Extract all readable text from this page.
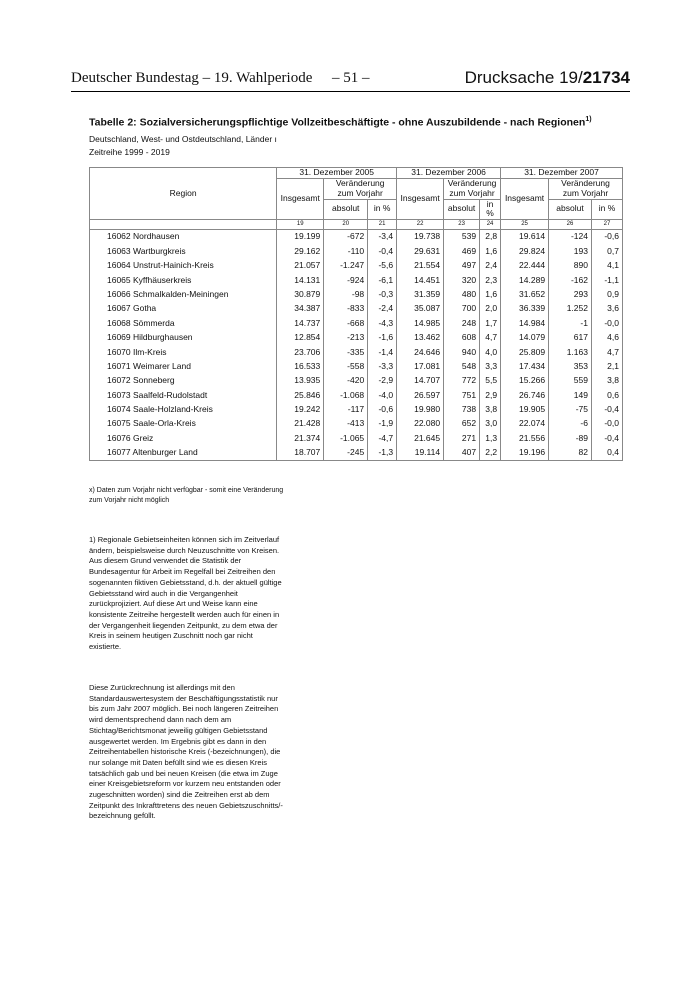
Deutscher Bundestag – 19. Wahlperiode – 51 –	Drucksache 19/21734
Tabelle 2: Sozialversicherungspflichtige Vollzeitbeschäftigte - ohne Auszubildende - nach Regionen$^{1)}$
Deutschland, West- und Ostdeutschland, Länder ı
Zeitreihe 1999 - 2019
Region	31. Dezember 2005			31. Dezember 2006			31. Dezember 2007		
	Insgesamt	Veränderung zum Vorjahr		Insgesamt	Veränderung zum Vorjahr		Insgesamt	Veränderung zum Vorjahr	
		absolut	in %		absolut	in %		absolut	in %
	19	20	21	22	23	24	25	26	27
16062 Nordhausen	19.199	-672	-3,4	19.738	539	2,8	19.614	-124	-0,6
16063 Wartburgkreis	29.162	-110	-0,4	29.631	469	1,6	29.824	193	0,7
16064 Unstrut-Hainich-Kreis	21.057	-1.247	-5,6	21.554	497	2,4	22.444	890	4,1
16065 Kyffhäuserkreis	14.131	-924	-6,1	14.451	320	2,3	14.289	-162	-1,1
16066 Schmalkalden-Meiningen	30.879	-98	-0,3	31.359	480	1,6	31.652	293	0,9
16067 Gotha	34.387	-833	-2,4	35.087	700	2,0	36.339	1.252	3,6
16068 Sömmerda	14.737	-668	-4,3	14.985	248	1,7	14.984	-1	-0,0
16069 Hildburghausen	12.854	-213	-1,6	13.462	608	4,7	14.079	617	4,6
16070 Ilm-Kreis	23.706	-335	-1,4	24.646	940	4,0	25.809	1.163	4,7
16071 Weimarer Land	16.533	-558	-3,3	17.081	548	3,3	17.434	353	2,1
16072 Sonneberg	13.935	-420	-2,9	14.707	772	5,5	15.266	559	3,8
16073 Saalfeld-Rudolstadt	25.846	-1.068	-4,0	26.597	751	2,9	26.746	149	0,6
16074 Saale-Holzland-Kreis	19.242	-117	-0,6	19.980	738	3,8	19.905	-75	-0,4
16075 Saale-Orla-Kreis	21.428	-413	-1,9	22.080	652	3,0	22.074	-6	-0,0
16076 Greiz	21.374	-1.065	-4,7	21.645	271	1,3	21.556	-89	-0,4
16077 Altenburger Land	18.707	-245	-1,3	19.114	407	2,2	19.196	82	0,4
x) Daten zum Vorjahr nicht verfügbar - somit eine Veränderung zum Vorjahr nicht möglich
1) Regionale Gebietseinheiten können sich im Zeitverlauf ändern, beispielsweise durch Neuzuschnitte von Kreisen. Aus diesem Grund verwendet die Statistik der Bundesagentur für Arbeit im Regelfall bei Zeitreihen den sogenannten fiktiven Gebietsstand, d.h. der aktuell gültige Gebietsstand wird auch in die Vergangenheit zurückprojiziert. Auf diese Art und Weise kann eine konsistente Zeitreihe hergestellt werden auch für einen in der Vergangenheit liegenden Zeitpunkt, zu dem etwa der Kreis in seinem heutigen Zuschnitt noch gar nicht existierte.
Diese Zurückrechnung ist allerdings mit den Standardauswertesystem der Beschäftigungsstatistik nur bis zum Jahr 2007 möglich. Bei noch längeren Zeitreihen wird dementsprechend dann nach dem am Stichtag/Berichtsmonat jeweilig gültigen Gebietsstand ausgewertet werden. Im Ergebnis gibt es dann in den Zeitreihentabellen historische Kreis (-bezeichnungen), die nur solange mit Daten befüllt sind wie es diesen Kreis tatsächlich gab und bei neuen Kreisen (die etwa im Zuge einer Kreisgebietsreform vor kurzem neu entstanden oder zugeschnitten worden) sind die Zeitreihen erst ab dem Zeitpunkt des Inkrafttretens des neuen Gebietszuschnitts/-bezeichnung gefüllt.
